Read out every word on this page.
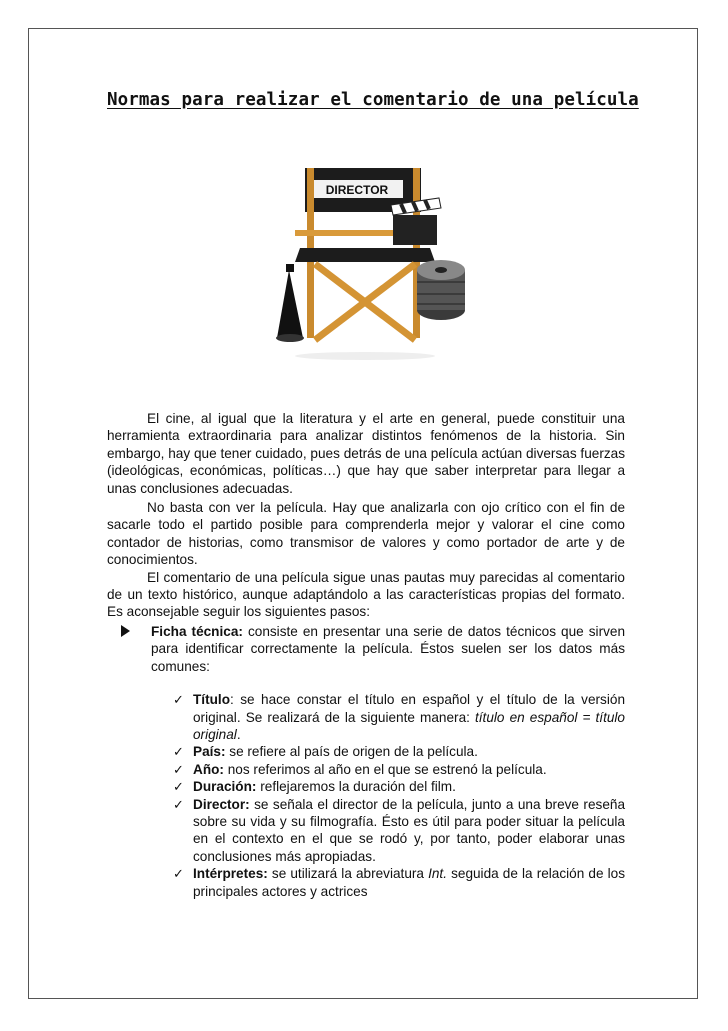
Normas para realizar el comentario de una película
DIRECTOR

El cine, al igual que la literatura y el arte en general, puede constituir una herramienta extraordinaria para analizar distintos fenómenos de la historia. Sin embargo, hay que tener cuidado, pues detrás de una película actúan diversas fuerzas (ideológicas, económicas, políticas…) que hay que saber interpretar para llegar a unas conclusiones adecuadas.

No basta con ver la película. Hay que analizarla con ojo crítico con el fin de sacarle todo el partido posible para comprenderla mejor y valorar el cine como contador de historias, como transmisor de valores y como portador de arte y de conocimientos.

El comentario de una película sigue unas pautas muy parecidas al comentario de un texto histórico, aunque adaptándolo a las características propias del formato. Es aconsejable seguir los siguientes pasos:

Ficha técnica: consiste en presentar una serie de datos técnicos que sirven para identificar correctamente la película. Éstos suelen ser los datos más comunes:
✓ Título: se hace constar el título en español y el título de la versión original. Se realizará de la siguiente manera: título en español = título original.
✓ País: se refiere al país de origen de la película.
✓ Año: nos referimos al año en el que se estrenó la película.
✓ Duración: reflejaremos la duración del film.
✓ Director: se señala el director de la película, junto a una breve reseña sobre su vida y su filmografía. Ésto es útil para poder situar la película en el contexto en el que se rodó y, por tanto, poder elaborar unas conclusiones más apropiadas.
✓ Intérpretes: se utilizará la abreviatura Int. seguida de la relación de los principales actores y actrices
